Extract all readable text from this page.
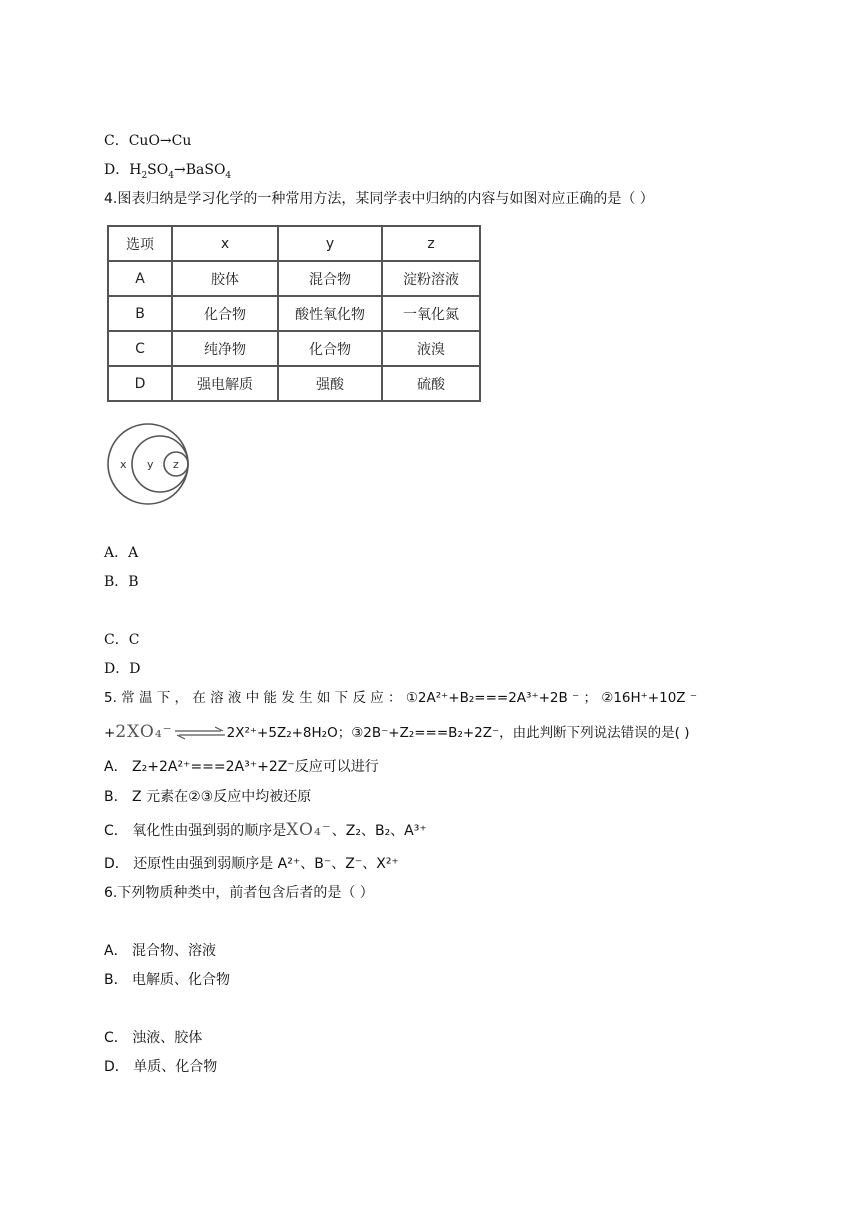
C．CuO→Cu
D．$H_2SO_4\to BaSO_4$
4.图表归纳是学习化学的一种常用方法，某同学表中归纳的内容与如图对应正确的是（ ）
选项	x	y	z
A	胶体	混合物	淀粉溶液
B	化合物	酸性氧化物	一氧化氮
C	纯净物	化合物	液溴
D	强电解质	强酸	硫酸
x y z
A．A
B．B
C．C
D．D
5. 常 温 下 ， 在 溶 液 中 能 发 生 如 下 反 应 ： ①2A²⁺+B₂===2A³⁺+2B ⁻ ； ②16H⁺+10Z ⁻
+2XO₄⁻⇌2X²⁺+5Z₂+8H₂O；③2B⁻+Z₂===B₂+2Z⁻，由此判断下列说法错误的是( )
A． Z₂+2A²⁺===2A³⁺+2Z⁻反应可以进行
B． Z 元素在②③反应中均被还原
C． 氧化性由强到弱的顺序是XO₄⁻、Z₂、B₂、A³⁺
D． 还原性由强到弱顺序是 A²⁺、B⁻、Z⁻、X²⁺
6.下列物质种类中，前者包含后者的是（ ）
A． 混合物、溶液
B． 电解质、化合物
C． 浊液、胶体
D． 单质、化合物
